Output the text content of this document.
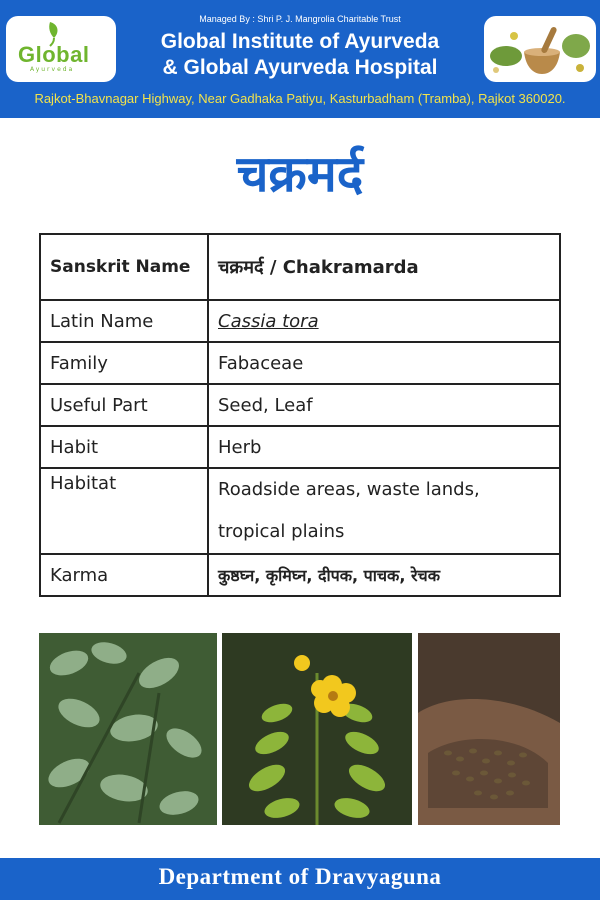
Global
Ayurveda
Managed By : Shri P. J. Mangrolia Charitable Trust
Global Institute of Ayurveda
& Global Ayurveda Hospital
Rajkot-Bhavnagar Highway, Near Gadhaka Patiyu, Kasturbadham (Tramba), Rajkot 360020.
चक्रमर्द
Sanskrit Name	चक्रमर्द / Chakramarda
Latin Name	Cassia tora
Family	Fabaceae
Useful Part	Seed, Leaf
Habit	Herb
Habitat	Roadside areas, waste lands, tropical plains
Karma	कुष्ठघ्न, कृमिघ्न, दीपक, पाचक, रेचक
Department of Dravyaguna
